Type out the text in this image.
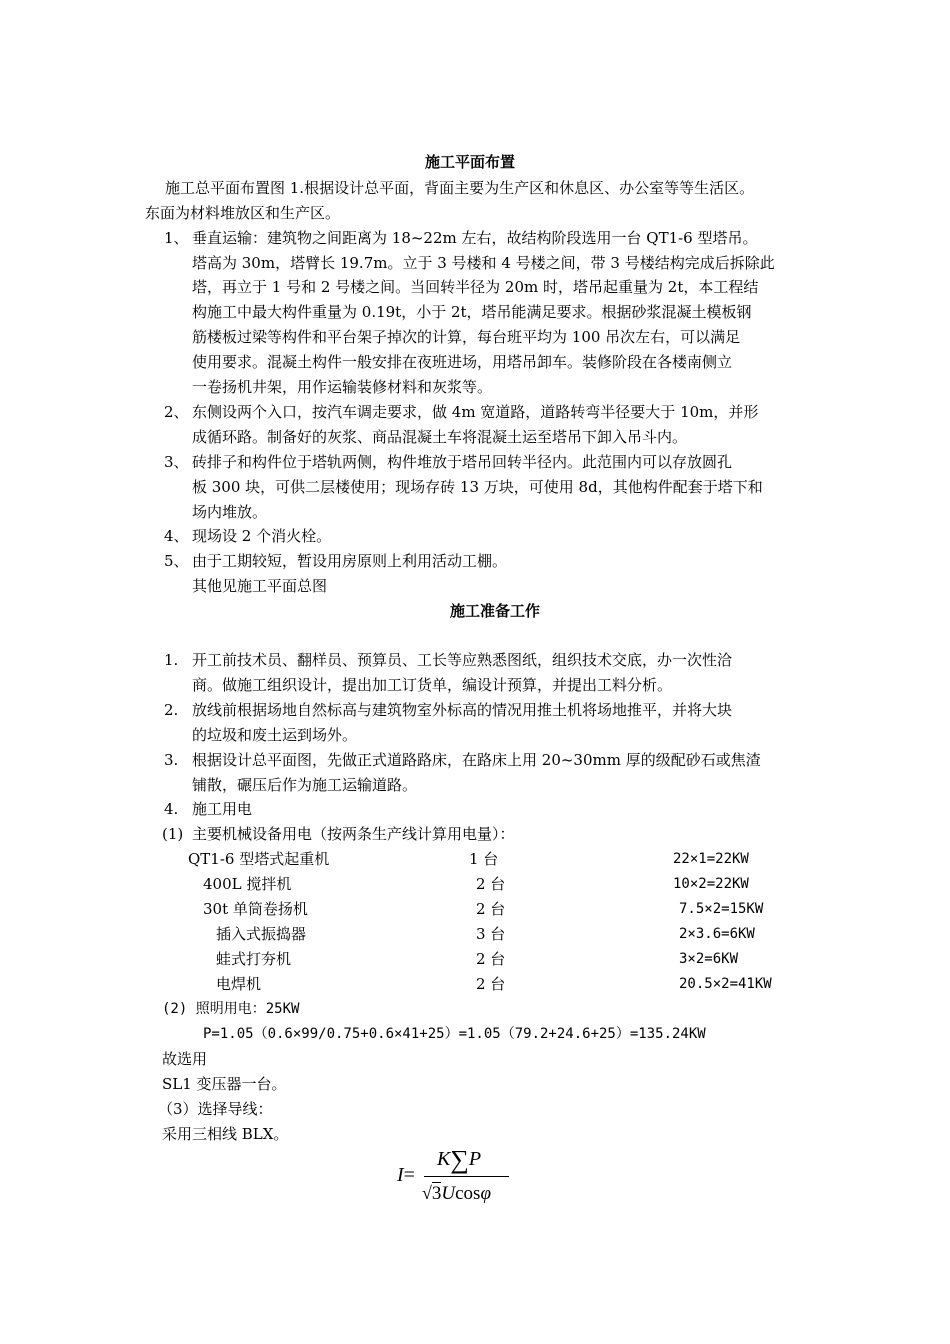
施工平面布置
施工总平面布置图 1.根据设计总平面，背面主要为生产区和休息区、办公室等等生活区。
东面为材料堆放区和生产区。
1、 垂直运输：建筑物之间距离为 18~22m 左右，故结构阶段选用一台 QT1-6 型塔吊。
塔高为 30m，塔臂长 19.7m。立于 3 号楼和 4 号楼之间，带 3 号楼结构完成后拆除此
塔，再立于 1 号和 2 号楼之间。当回转半径为 20m 时，塔吊起重量为 2t，本工程结
构施工中最大构件重量为 0.19t，小于 2t，塔吊能满足要求。根据砂浆混凝土模板钢
筋楼板过梁等构件和平台架子掉次的计算，每台班平均为 100 吊次左右，可以满足
使用要求。混凝土构件一般安排在夜班进场，用塔吊卸车。装修阶段在各楼南侧立
一卷扬机井架，用作运输装修材料和灰浆等。
2、 东侧设两个入口，按汽车调走要求，做 4m 宽道路，道路转弯半径要大于 10m，并形
成循环路。制备好的灰浆、商品混凝土车将混凝土运至塔吊下卸入吊斗内。
3、 砖排子和构件位于塔轨两侧，构件堆放于塔吊回转半径内。此范围内可以存放圆孔
板 300 块，可供二层楼使用；现场存砖 13 万块，可使用 8d，其他构件配套于塔下和
场内堆放。
4、 现场设 2 个消火栓。
5、 由于工期较短，暂设用房原则上利用活动工棚。
其他见施工平面总图
施工准备工作
1. 开工前技术员、翻样员、预算员、工长等应熟悉图纸，组织技术交底，办一次性洽
商。做施工组织设计，提出加工订货单，编设计预算，并提出工料分析。
2. 放线前根据场地自然标高与建筑物室外标高的情况用推土机将场地推平，并将大块
的垃圾和废土运到场外。
3. 根据设计总平面图，先做正式道路路床，在路床上用 20~30mm 厚的级配砂石或焦渣
铺散，碾压后作为施工运输道路。
4. 施工用电
(1) 主要机械设备用电（按两条生产线计算用电量）：
QT1-6 型塔式起重机	1 台	22×1=22KW
400L 搅拌机	2 台	10×2=22KW
30t 单筒卷扬机	2 台	7.5×2=15KW
插入式振捣器	3 台	2×3.6=6KW
蛙式打夯机	2 台	3×2=6KW
电焊机	2 台	20.5×2=41KW
(2) 照明用电：25KW
P=1.05（0.6×99/0.75+0.6×41+25）=1.05（79.2+24.6+25）=135.24KW
故选用
SL1 变压器一台。
（3）选择导线：
采用三相线 BLX。
I=
K∑P
√3Ucosφ
